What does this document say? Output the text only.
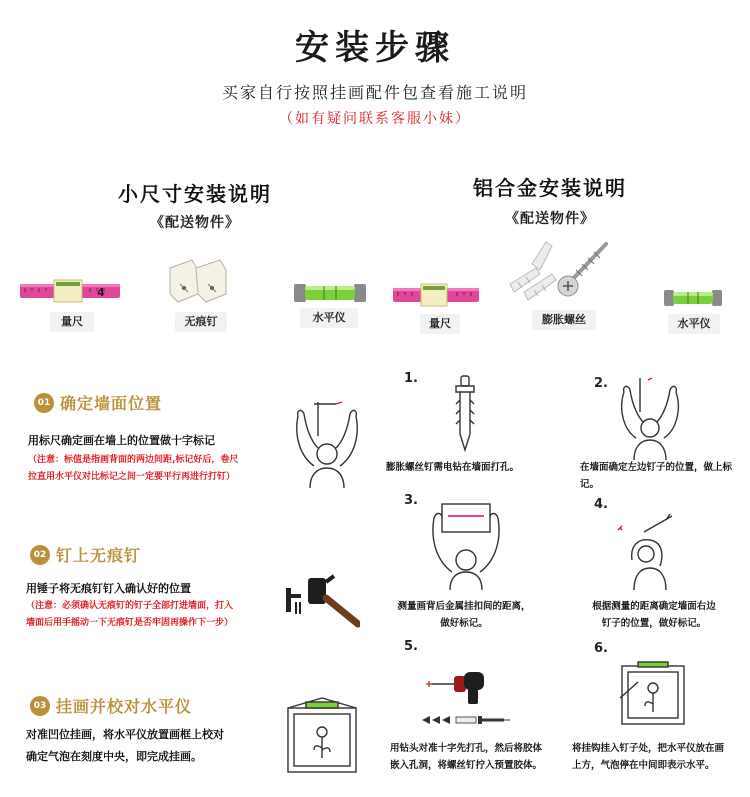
安装步骤
买家自行按照挂画配件包查看施工说明
（如有疑问联系客服小妹）
小尺寸安装说明
《配送物件》
铝合金安装说明
《配送物件》
4
量尺	无痕钉	水平仪	量尺	膨胀螺丝	水平仪
01 确定墙面位置
用标尺确定画在墙上的位置做十字标记
（注意：标值是指画背面的两边间距,标记好后，卷尺
拉直用水平仪对比标记之间一定要平行再进行打钉）
02 钉上无痕钉
用锤子将无痕钉钉入确认好的位置
（注意：必须确认无痕钉的钉子全部打进墙面，打入
墙面后用手摇动一下无痕钉是否牢固再操作下一步）
03 挂画并校对水平仪
对准凹位挂画，将水平仪放置画框上校对
确定气泡在刻度中央，即完成挂画。
1.
膨胀螺丝钉需电钻在墙面打孔。
2.
在墙面确定左边钉子的位置，做上标记。
3.
测量画背后金属挂扣间的距离，
做好标记。
4.
根据测量的距离确定墙面右边
钉子的位置，做好标记。
5.
用钻头对准十字先打孔，然后将胶体
嵌入孔洞，将螺丝钉拧入预置胶体。
6.
将挂钩挂入钉子处，把水平仪放在画
上方，气泡停在中间即表示水平。
